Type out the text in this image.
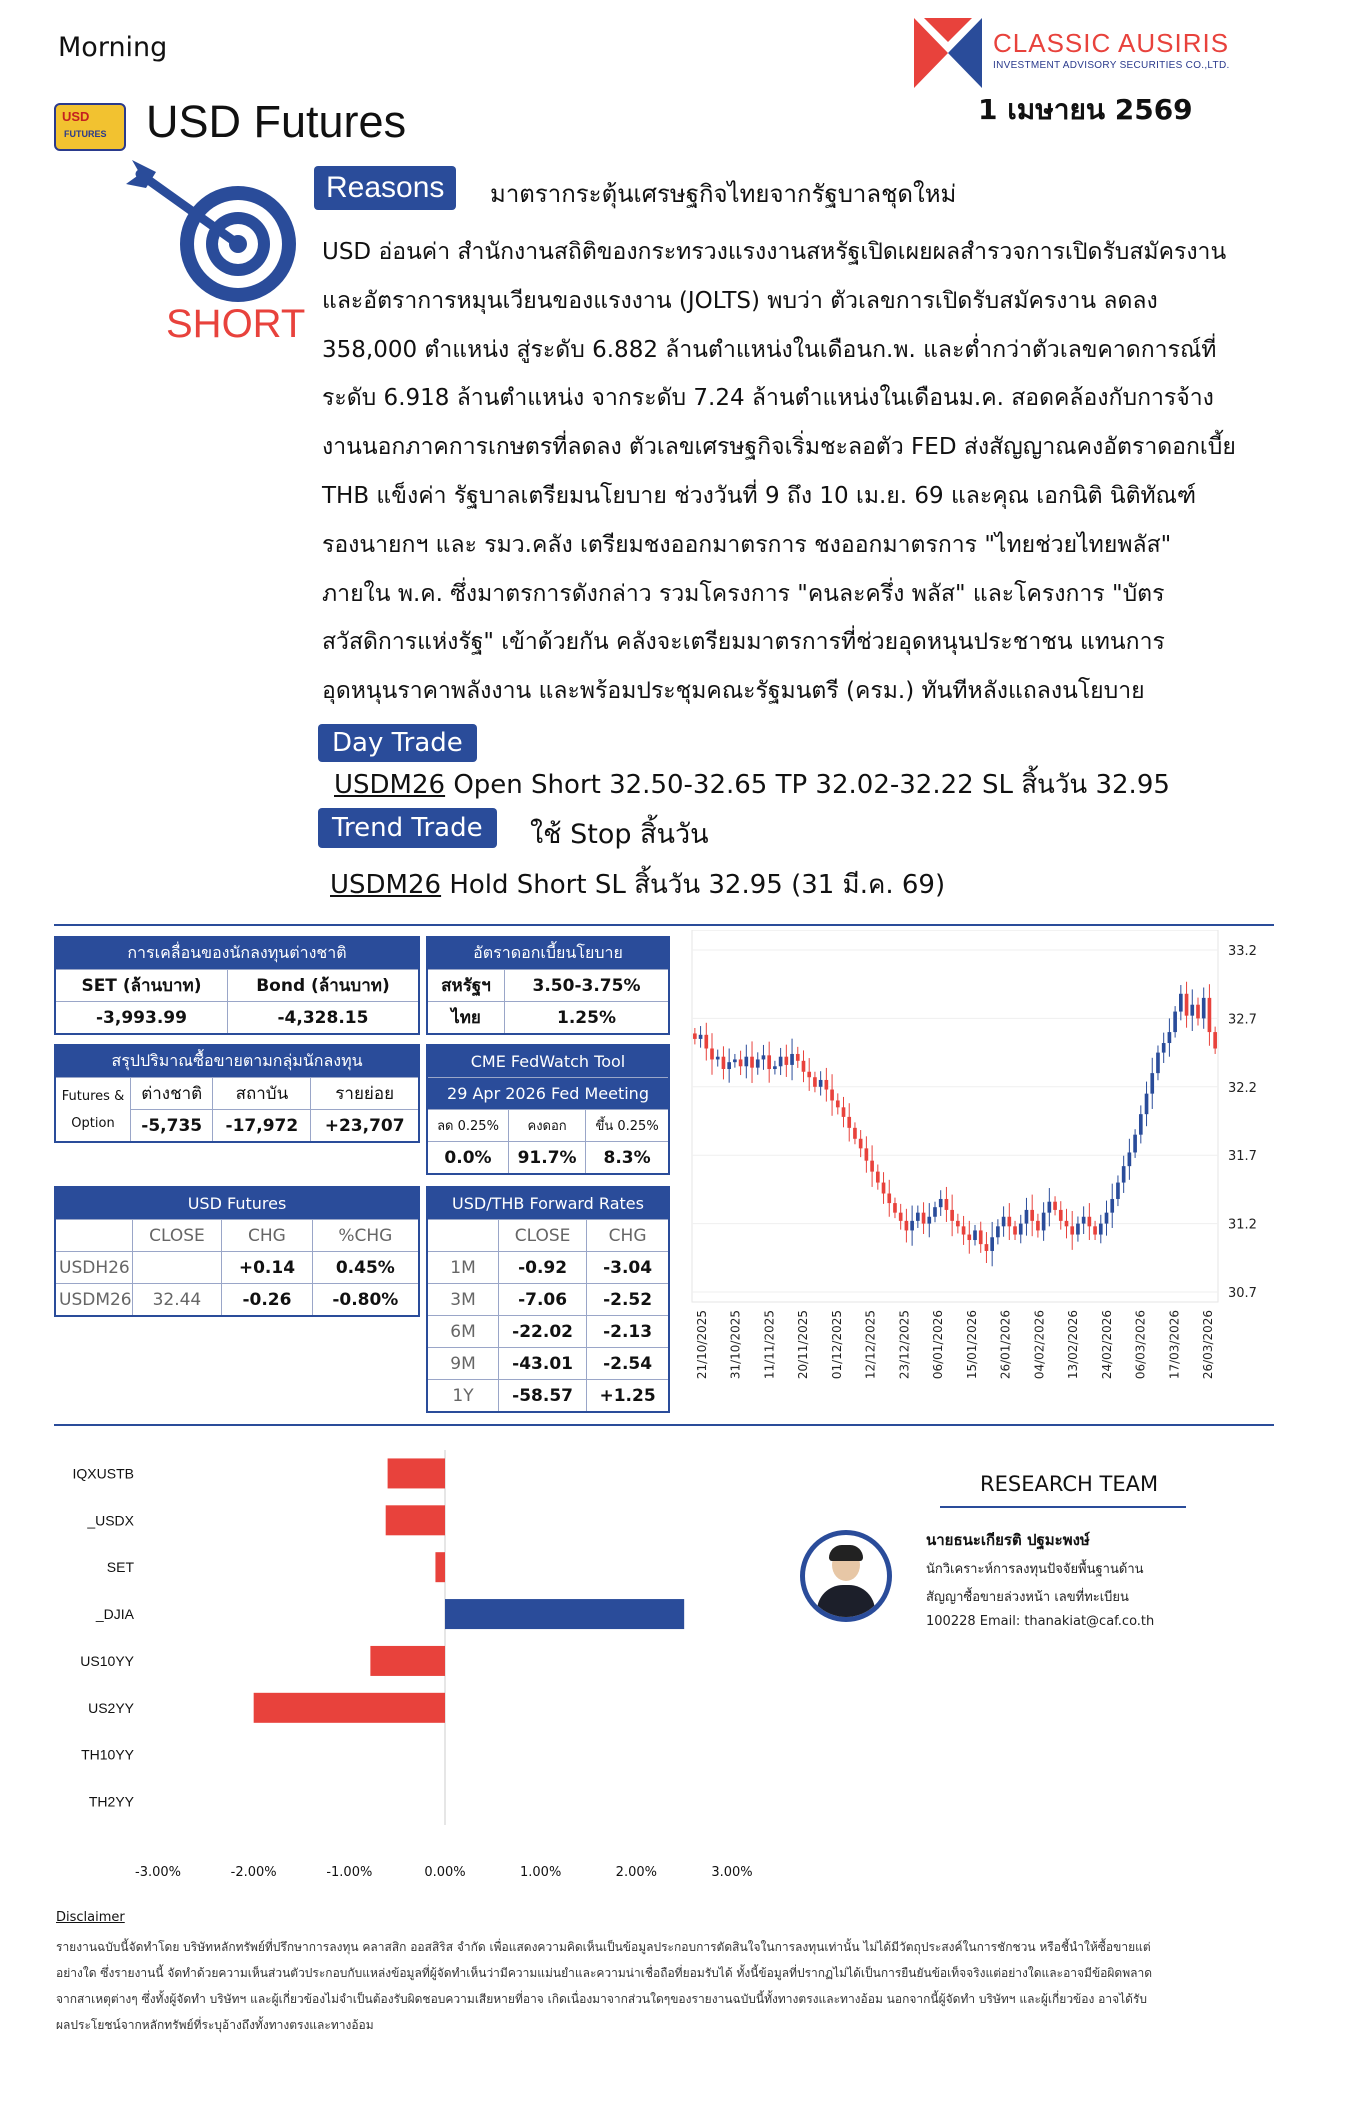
Morning	CLASSIC AUSIRIS
INVESTMENT ADVISORY SECURITIES CO.,LTD.
1 เมษายน 2569
USD
FUTURES USD Futures
SHORT
Reasons	มาตรากระตุ้นเศรษฐกิจไทยจากรัฐบาลชุดใหม่
USD อ่อนค่า สำนักงานสถิติของกระทรวงแรงงานสหรัฐเปิดเผยผลสำรวจการเปิดรับสมัครงาน
และอัตราการหมุนเวียนของแรงงาน (JOLTS) พบว่า ตัวเลขการเปิดรับสมัครงาน ลดลง
358,000 ตำแหน่ง สู่ระดับ 6.882 ล้านตำแหน่งในเดือนก.พ. และต่ำกว่าตัวเลขคาดการณ์ที่
ระดับ 6.918 ล้านตำแหน่ง จากระดับ 7.24 ล้านตำแหน่งในเดือนม.ค. สอดคล้องกับการจ้าง
งานนอกภาคการเกษตรที่ลดลง ตัวเลขเศรษฐกิจเริ่มชะลอตัว FED ส่งสัญญาณคงอัตราดอกเบี้ย
THB แข็งค่า รัฐบาลเตรียมนโยบาย ช่วงวันที่ 9 ถึง 10 เม.ย. 69 และคุณ เอกนิติ นิติทัณฑ์
รองนายกฯ และ รมว.คลัง เตรียมชงออกมาตรการ ชงออกมาตรการ "ไทยช่วยไทยพลัส"
ภายใน พ.ค. ซึ่งมาตรการดังกล่าว รวมโครงการ "คนละครึ่ง พลัส" และโครงการ "บัตร
สวัสดิการแห่งรัฐ" เข้าด้วยกัน คลังจะเตรียมมาตรการที่ช่วยอุดหนุนประชาชน แทนการ
อุดหนุนราคาพลังงาน และพร้อมประชุมคณะรัฐมนตรี (ครม.) ทันทีหลังแถลงนโยบาย
Day Trade
USDM26 Open Short 32.50-32.65 TP 32.02-32.22 SL สิ้นวัน 32.95
Trend Trade	ใช้ Stop สิ้นวัน
USDM26 Hold Short SL สิ้นวัน 32.95 (31 มี.ค. 69)
การเคลื่อนของนักลงทุนต่างชาติ	
SET (ล้านบาท)	Bond (ล้านบาท)
-3,993.99	-4,328.15
อัตราดอกเบี้ยนโยบาย	
สหรัฐฯ	3.50-3.75%
ไทย	1.25%
สรุปปริมาณซื้อขายตามกลุ่มนักลงทุน			

Futures &
Option	ต่างชาติ	สถาบัน	รายย่อย
	-5,735	-17,972	+23,707
CME FedWatch Tool		
29 Apr 2026 Fed Meeting		
ลด 0.25%	คงดอก	ขึ้น 0.25%
0.0%	91.7%	8.3%
USD Futures			
	CLOSE	CHG	%CHG
USDH26		+0.14	0.45%
USDM26	32.44	-0.26	-0.80%
USD/THB Forward Rates		
	CLOSE	CHG
1M	-0.92	-3.04
3M	-7.06	-2.52
6M	-22.02	-2.13
9M	-43.01	-2.54
1Y	-58.57	+1.25
33.2
32.7
32.2
31.7
31.2
30.7
21/10/2025 31/10/2025 11/11/2025 20/11/2025 01/12/2025 12/12/2025 23/12/2025 06/01/2026 15/01/2026 26/01/2026 04/02/2026 13/02/2026 24/02/2026 06/03/2026 17/03/2026 26/03/2026
IQXUSTB
_USDX
SET
_DJIA
US10YY
US2YY
TH10YY
TH2YY
-3.00%	-2.00%	-1.00%	0.00%	1.00%	2.00%	3.00%
RESEARCH TEAM
นายธนะเกียรติ ปฐมะพงษ์
นักวิเคราะห์การลงทุนปัจจัยพื้นฐานด้าน
สัญญาซื้อขายล่วงหน้า เลขที่ทะเบียน
100228 Email: thanakiat@caf.co.th
Disclaimer
รายงานฉบับนี้จัดทำโดย บริษัทหลักทรัพย์ที่ปรึกษาการลงทุน คลาสสิก ออสสิริส จำกัด เพื่อแสดงความคิดเห็นเป็นข้อมูลประกอบการตัดสินใจในการลงทุนเท่านั้น ไม่ได้มีวัตถุประสงค์ในการชักชวน หรือชี้นำให้ซื้อขายแต่
อย่างใด ซึ่งรายงานนี้ จัดทำด้วยความเห็นส่วนตัวประกอบกับแหล่งข้อมูลที่ผู้จัดทำเห็นว่ามีความแม่นยำและความน่าเชื่อถือที่ยอมรับได้ ทั้งนี้ข้อมูลที่ปรากฏไม่ได้เป็นการยืนยันข้อเท็จจริงแต่อย่างใดและอาจมีข้อผิดพลาด
จากสาเหตุต่างๆ ซึ่งทั้งผู้จัดทำ บริษัทฯ และผู้เกี่ยวข้องไม่จำเป็นต้องรับผิดชอบความเสียหายที่อาจ เกิดเนื่องมาจากส่วนใดๆของรายงานฉบับนี้ทั้งทางตรงและทางอ้อม นอกจากนี้ผู้จัดทำ บริษัทฯ และผู้เกี่ยวข้อง อาจได้รับ
ผลประโยชน์จากหลักทรัพย์ที่ระบุอ้างถึงทั้งทางตรงและทางอ้อม
